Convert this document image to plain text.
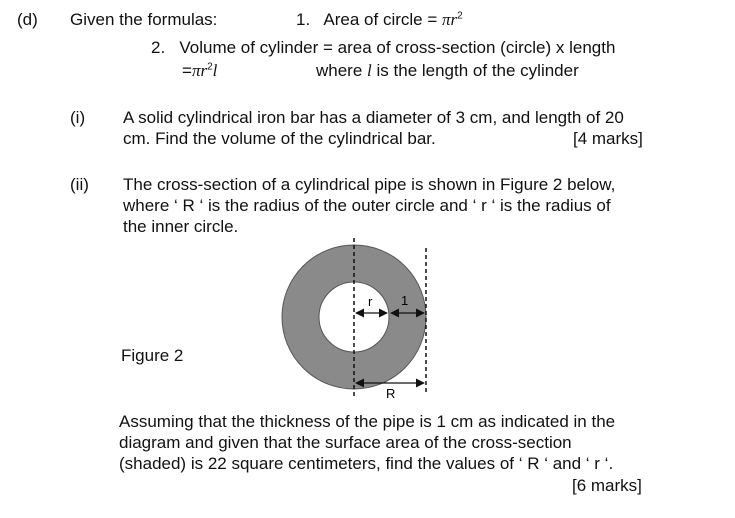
(d) Given the formulas:	1. Area of circle = $\pi r^2$
2. Volume of cylinder = area of cross-section (circle) x length
$=\pi r^2l$	where l is the length of the cylinder
(i) A solid cylindrical iron bar has a diameter of 3 cm, and length of 20
cm. Find the volume of the cylindrical bar.	[4 marks]
(ii) The cross-section of a cylindrical pipe is shown in Figure 2 below,
where ‘ R ‘ is the radius of the outer circle and ‘ r ‘ is the radius of
the inner circle.
Figure 2
r 1
R
Assuming that the thickness of the pipe is 1 cm as indicated in the
diagram and given that the surface area of the cross-section
(shaded) is 22 square centimeters, find the values of ‘ R ‘ and ‘ r ‘.
[6 marks]
